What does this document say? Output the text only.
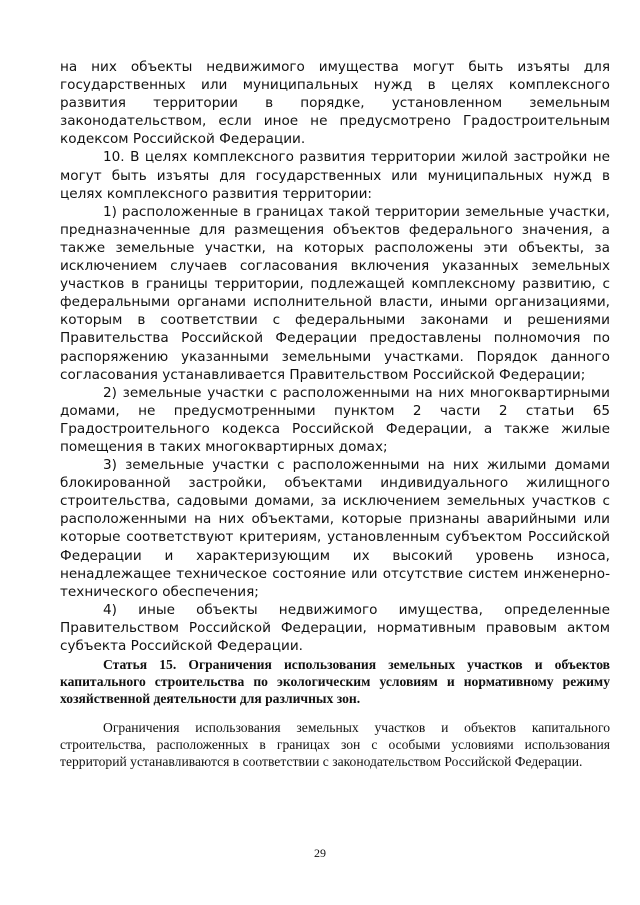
на них объекты недвижимого имущества могут быть изъяты для государственных или муниципальных нужд в целях комплексного развития территории в порядке, установленном земельным законодательством, если иное не предусмотрено Градостроительным кодексом Российской Федерации.

10. В целях комплексного развития территории жилой застройки не могут быть изъяты для государственных или муниципальных нужд в целях комплексного развития территории:

1) расположенные в границах такой территории земельные участки, предназначенные для размещения объектов федерального значения, а также земельные участки, на которых расположены эти объекты, за исключением случаев согласования включения указанных земельных участков в границы территории, подлежащей комплексному развитию, с федеральными органами исполнительной власти, иными организациями, которым в соответствии с федеральными законами и решениями Правительства Российской Федерации предоставлены полномочия по распоряжению указанными земельными участками. Порядок данного согласования устанавливается Правительством Российской Федерации;

2) земельные участки с расположенными на них многоквартирными домами, не предусмотренными пунктом 2 части 2 статьи 65 Градостроительного кодекса Российской Федерации, а также жилые помещения в таких многоквартирных домах;

3) земельные участки с расположенными на них жилыми домами блокированной застройки, объектами индивидуального жилищного строительства, садовыми домами, за исключением земельных участков с расположенными на них объектами, которые признаны аварийными или которые соответствуют критериям, установленным субъектом Российской Федерации и характеризующим их высокий уровень износа, ненадлежащее техническое состояние или отсутствие систем инженерно-технического обеспечения;

4) иные объекты недвижимого имущества, определенные Правительством Российской Федерации, нормативным правовым актом субъекта Российской Федерации.

Статья 15. Ограничения использования земельных участков и объектов капитального строительства по экологическим условиям и нормативному режиму хозяйственной деятельности для различных зон.

Ограничения использования земельных участков и объектов капитального строительства, расположенных в границах зон с особыми условиями использования территорий устанавливаются в соответствии с законодательством Российской Федерации.

29
